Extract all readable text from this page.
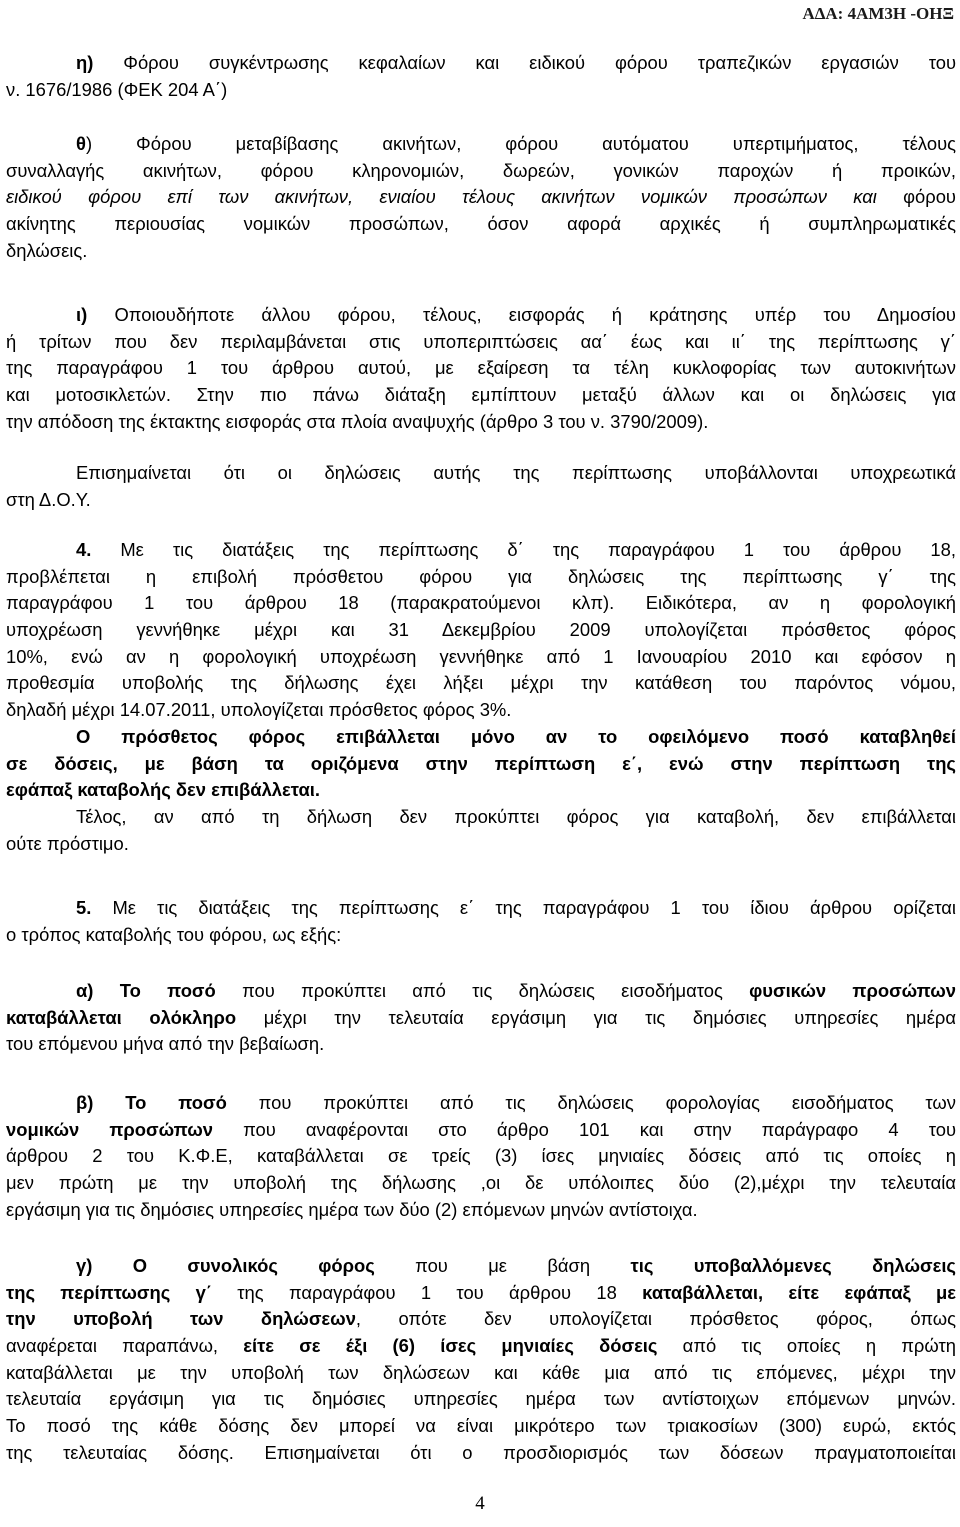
ΑΔΑ: 4ΑΜ3Η -ΟΗΞ
η) Φόρου συγκέντρωσης κεφαλαίων και ειδικού φόρου τραπεζικών εργασιών του
ν. 1676/1986 (ΦΕΚ 204 Α΄)
θ) Φόρου μεταβίβασης ακινήτων, φόρου αυτόματου υπερτιμήματος, τέλους
συναλλαγής ακινήτων, φόρου κληρονομιών, δωρεών, γονικών παροχών ή προικών,
ειδικού φόρου επί των ακινήτων, ενιαίου τέλους ακινήτων νομικών προσώπων και φόρου
ακίνητης περιουσίας νομικών προσώπων, όσον αφορά αρχικές ή συμπληρωματικές
δηλώσεις.
ι) Οποιουδήποτε άλλου φόρου, τέλους, εισφοράς ή κράτησης υπέρ του Δημοσίου
ή τρίτων που δεν περιλαμβάνεται στις υποπεριπτώσεις αα΄ έως και ιι΄ της περίπτωσης γ΄
της παραγράφου 1 του άρθρου αυτού, με εξαίρεση τα τέλη κυκλοφορίας των αυτοκινήτων
και μοτοσικλετών. Στην πιο πάνω διάταξη εμπίπτουν μεταξύ άλλων και οι δηλώσεις για
την απόδοση της έκτακτης εισφοράς στα πλοία αναψυχής (άρθρο 3 του ν. 3790/2009).
Επισημαίνεται ότι οι δηλώσεις αυτής της περίπτωσης υποβάλλονται υποχρεωτικά
στη Δ.Ο.Υ.
4. Με τις διατάξεις της περίπτωσης δ΄ της παραγράφου 1 του άρθρου 18,
προβλέπεται η επιβολή πρόσθετου φόρου για δηλώσεις της περίπτωσης γ΄ της
παραγράφου 1 του άρθρου 18 (παρακρατούμενοι κλπ). Ειδικότερα, αν η φορολογική
υποχρέωση γεννήθηκε μέχρι και 31 Δεκεμβρίου 2009 υπολογίζεται πρόσθετος φόρος
10%, ενώ αν η φορολογική υποχρέωση γεννήθηκε από 1 Ιανουαρίου 2010 και εφόσον η
προθεσμία υποβολής της δήλωσης έχει λήξει μέχρι την κατάθεση του παρόντος νόμου,
δηλαδή μέχρι 14.07.2011, υπολογίζεται πρόσθετος φόρος 3%.
Ο πρόσθετος φόρος επιβάλλεται μόνο αν το οφειλόμενο ποσό καταβληθεί
σε δόσεις, με βάση τα οριζόμενα στην περίπτωση ε΄, ενώ στην περίπτωση της
εφάπαξ καταβολής δεν επιβάλλεται.
Τέλος, αν από τη δήλωση δεν προκύπτει φόρος για καταβολή, δεν επιβάλλεται
ούτε πρόστιμο.
5. Με τις διατάξεις της περίπτωσης ε΄ της παραγράφου 1 του ίδιου άρθρου ορίζεται
ο τρόπος καταβολής του φόρου, ως εξής:
α) Το ποσό που προκύπτει από τις δηλώσεις εισοδήματος φυσικών προσώπων
καταβάλλεται ολόκληρο μέχρι την τελευταία εργάσιμη για τις δημόσιες υπηρεσίες ημέρα
του επόμενου μήνα από την βεβαίωση.
β) Το ποσό που προκύπτει από τις δηλώσεις φορολογίας εισοδήματος των
νομικών προσώπων που αναφέρονται στο άρθρο 101 και στην παράγραφο 4 του
άρθρου 2 του Κ.Φ.Ε, καταβάλλεται σε τρείς (3) ίσες μηνιαίες δόσεις από τις οποίες η
μεν πρώτη με την υποβολή της δήλωσης ,οι δε υπόλοιπες δύο (2),μέχρι την τελευταία
εργάσιμη για τις δημόσιες υπηρεσίες ημέρα των δύο (2) επόμενων μηνών αντίστοιχα.
γ) Ο συνολικός φόρος που με βάση τις υποβαλλόμενες δηλώσεις
της περίπτωσης γ΄ της παραγράφου 1 του άρθρου 18 καταβάλλεται, είτε εφάπαξ με
την υποβολή των δηλώσεων, οπότε δεν υπολογίζεται πρόσθετος φόρος, όπως
αναφέρεται παραπάνω, είτε σε έξι (6) ίσες μηνιαίες δόσεις από τις οποίες η πρώτη
καταβάλλεται με την υποβολή των δηλώσεων και κάθε μια από τις επόμενες, μέχρι την
τελευταία εργάσιμη για τις δημόσιες υπηρεσίες ημέρα των αντίστοιχων επόμενων μηνών.
Το ποσό της κάθε δόσης δεν μπορεί να είναι μικρότερο των τριακοσίων (300) ευρώ, εκτός
της τελευταίας δόσης. Επισημαίνεται ότι ο προσδιορισμός των δόσεων πραγματοποιείται
4
